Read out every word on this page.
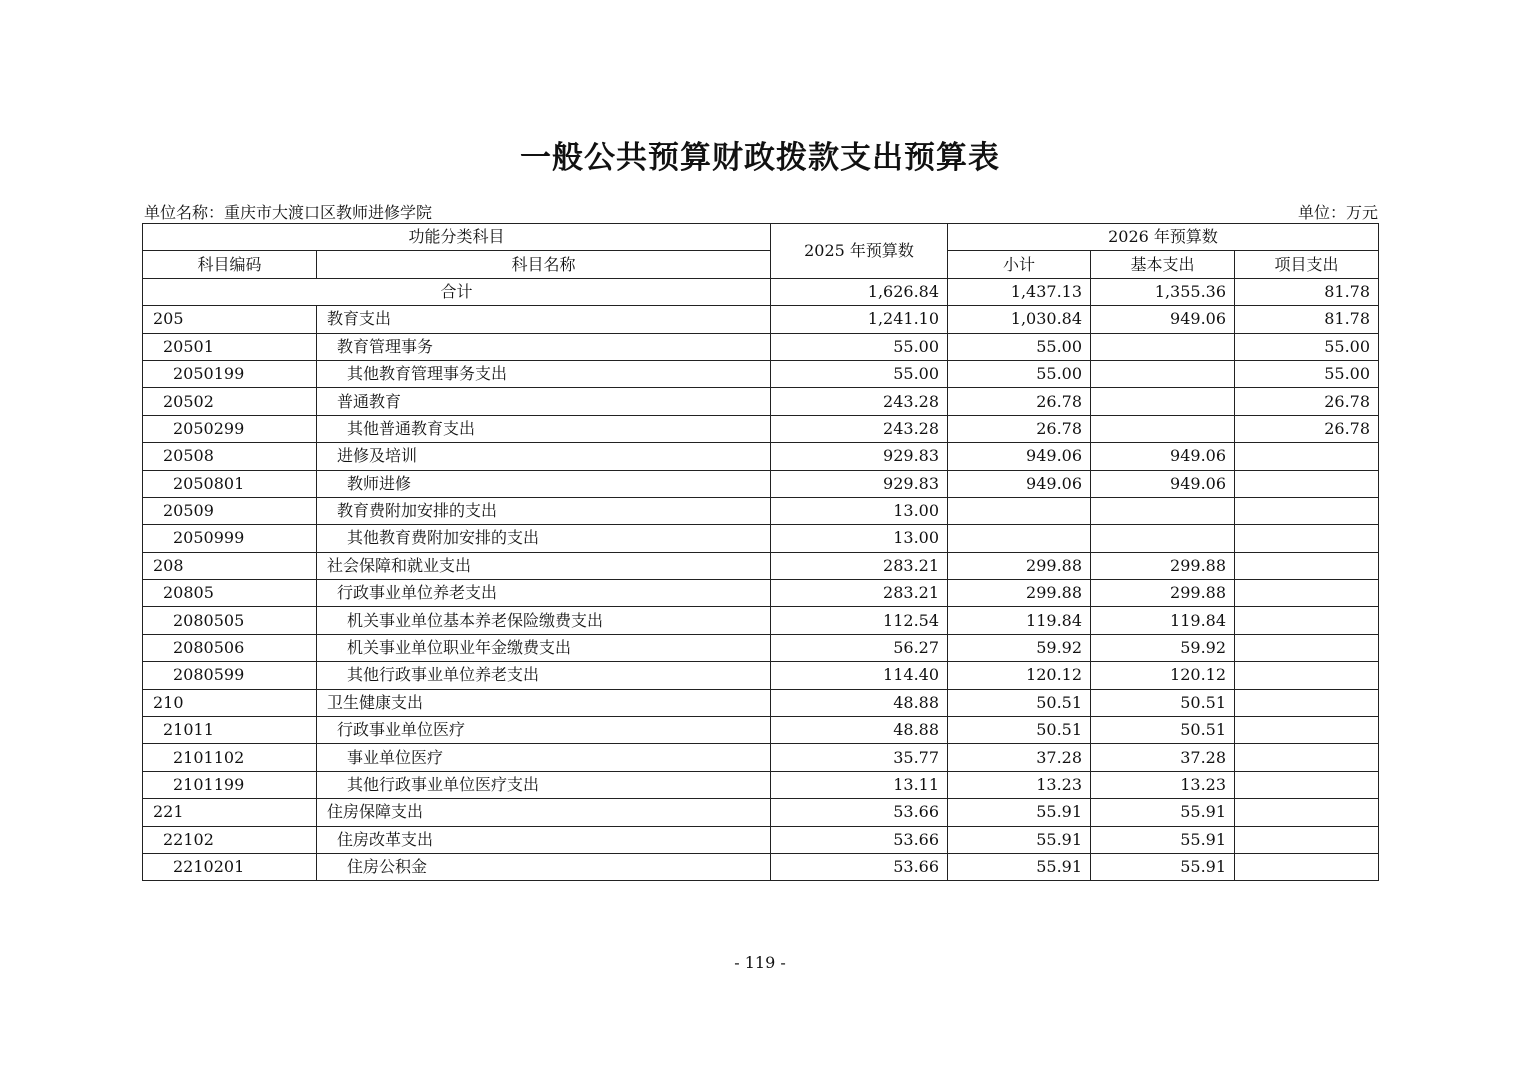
一般公共预算财政拨款支出预算表
单位名称：重庆市大渡口区教师进修学院	单位：万元
功能分类科目		2025 年预算数	2026 年预算数		
科目编码	科目名称		小计	基本支出	项目支出
合计		1,626.84	1,437.13	1,355.36	81.78
205	教育支出	1,241.10	1,030.84	949.06	81.78
20501	教育管理事务	55.00	55.00		55.00
2050199	其他教育管理事务支出	55.00	55.00		55.00
20502	普通教育	243.28	26.78		26.78
2050299	其他普通教育支出	243.28	26.78		26.78
20508	进修及培训	929.83	949.06	949.06	
2050801	教师进修	929.83	949.06	949.06	
20509	教育费附加安排的支出	13.00			
2050999	其他教育费附加安排的支出	13.00			
208	社会保障和就业支出	283.21	299.88	299.88	
20805	行政事业单位养老支出	283.21	299.88	299.88	
2080505	机关事业单位基本养老保险缴费支出	112.54	119.84	119.84	
2080506	机关事业单位职业年金缴费支出	56.27	59.92	59.92	
2080599	其他行政事业单位养老支出	114.40	120.12	120.12	
210	卫生健康支出	48.88	50.51	50.51	
21011	行政事业单位医疗	48.88	50.51	50.51	
2101102	事业单位医疗	35.77	37.28	37.28	
2101199	其他行政事业单位医疗支出	13.11	13.23	13.23	
221	住房保障支出	53.66	55.91	55.91	
22102	住房改革支出	53.66	55.91	55.91	
2210201	住房公积金	53.66	55.91	55.91	
- 119 -
